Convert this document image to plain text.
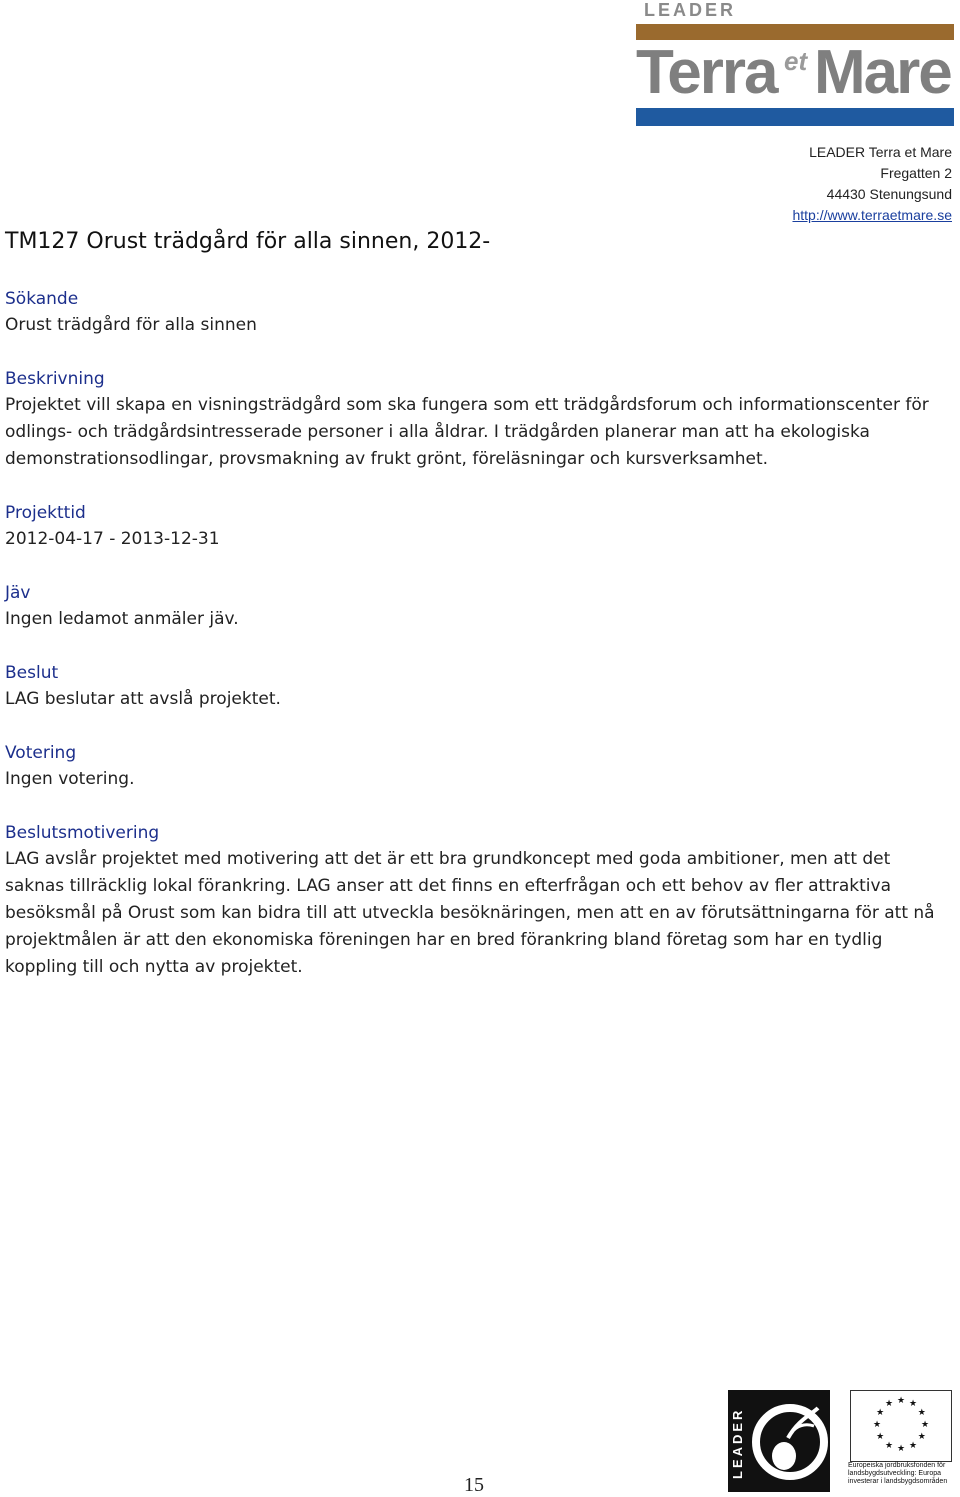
LEADER
Terra et Mare
LEADER Terra et Mare
Fregatten 2
44430 Stenungsund
http://www.terraetmare.se
TM127 Orust trädgård för alla sinnen, 2012-
Sökande
Orust trädgård för alla sinnen
Beskrivning
Projektet vill skapa en visningsträdgård som ska fungera som ett trädgårdsforum och informationscenter för odlings- och trädgårdsintresserade personer i alla åldrar. I trädgården planerar man att ha ekologiska demonstrationsodlingar, provsmakning av frukt grönt, föreläsningar och kursverksamhet.
Projekttid
2012-04-17 - 2013-12-31
Jäv
Ingen ledamot anmäler jäv.
Beslut
LAG beslutar att avslå projektet.
Votering
Ingen votering.
Beslutsmotivering
LAG avslår projektet med motivering att det är ett bra grundkoncept med goda ambitioner, men att det saknas tillräcklig lokal förankring. LAG anser att det finns en efterfrågan och ett behov av fler attraktiva besöksmål på Orust som kan bidra till att utveckla besöknäringen, men att en av förutsättningarna för att nå projektmålen är att den ekonomiska föreningen har en bred förankring bland företag som har en tydlig koppling till och nytta av projektet.
15
LEADER
★ ★
★
★
★
★
★
★
★
★
★
★
Europeiska jordbruksfonden för landsbygdsutveckling: Europa investerar i landsbygdsområden
